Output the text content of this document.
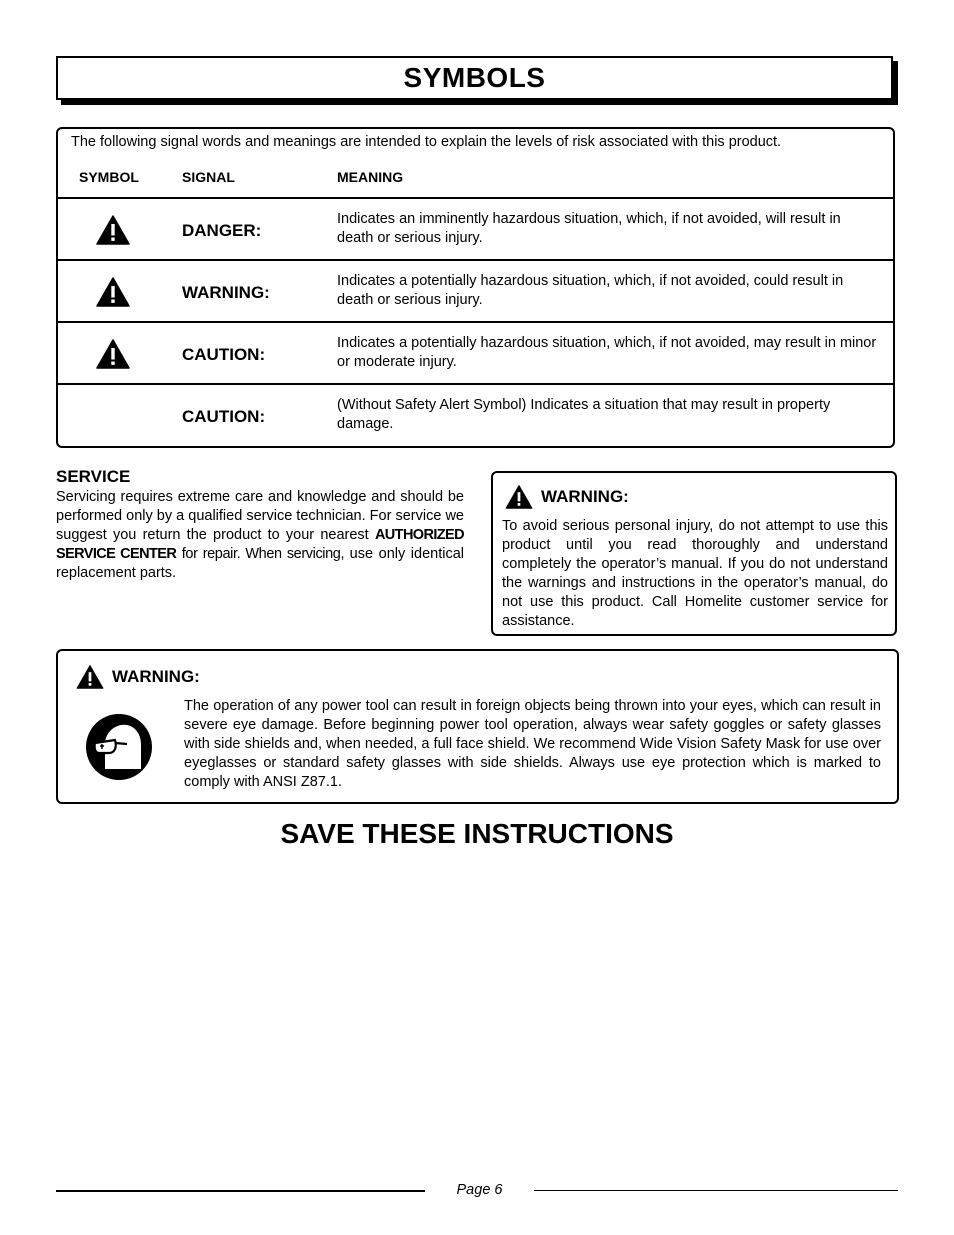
SYMBOLS
The following signal words and meanings are intended to explain the levels of risk associated with this product.
SYMBOL	SIGNAL	MEANING
DANGER:
Indicates an imminently hazardous situation, which, if not avoided, will result in death or serious injury.
WARNING:
Indicates a potentially hazardous situation, which, if not avoided, could result in death or serious injury.
CAUTION:
Indicates a potentially hazardous situation, which, if not avoided, may result in minor or moderate injury.
CAUTION:
(Without Safety Alert Symbol) Indicates a situation that may result in property damage.
SERVICE
Servicing requires extreme care and knowledge and should be performed only by a qualified service technician. For service we suggest you return the product to your nearest AUTHORIZED SERVICE CENTER for repair. When servicing, use only identical replacement parts.
WARNING:
To avoid serious personal injury, do not attempt to use this product until you read thoroughly and understand completely the operator’s manual. If you do not understand the warnings and instructions in the operator’s manual, do not use this product. Call Homelite customer service for assistance.
WARNING:
The operation of any power tool can result in foreign objects being thrown into your eyes, which can result in severe eye damage. Before beginning power tool operation, always wear safety goggles or safety glasses with side shields and, when needed, a full face shield. We recommend Wide Vision Safety Mask for use over eyeglasses or standard safety glasses with side shields. Always use eye protection which is marked to comply with ANSI Z87.1.
SAVE THESE INSTRUCTIONS
Page 6
